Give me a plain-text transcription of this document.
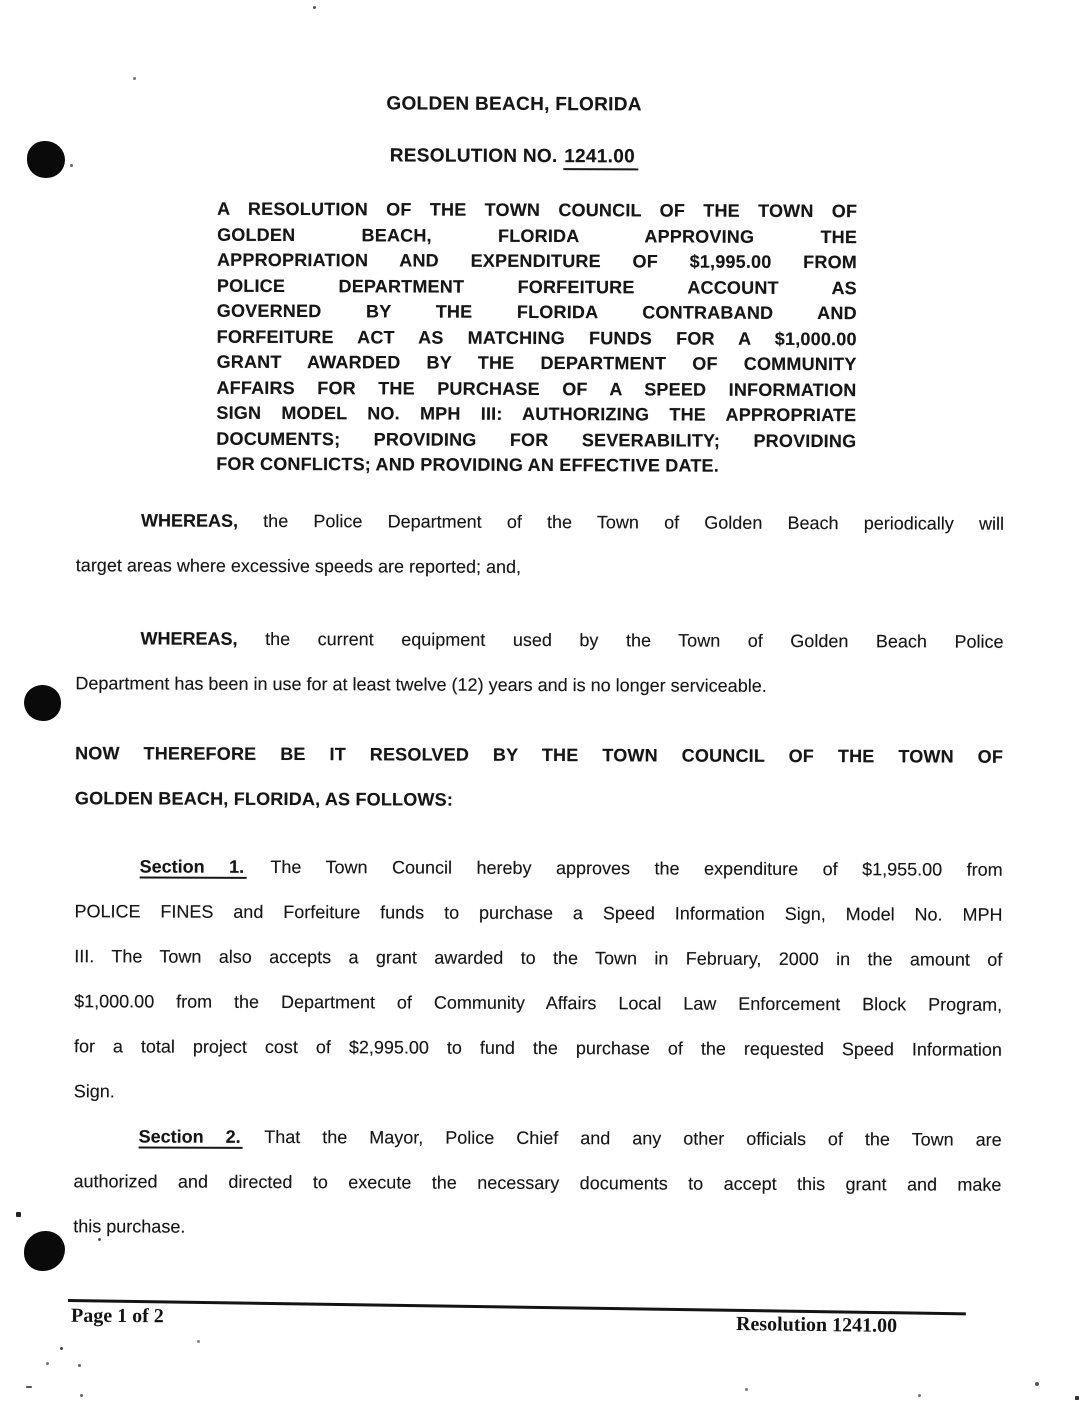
GOLDEN BEACH, FLORIDA
RESOLUTION NO. 1241.00
A RESOLUTION OF THE TOWN COUNCIL OF THE TOWN OF
GOLDEN BEACH, FLORIDA APPROVING THE
APPROPRIATION AND EXPENDITURE OF $1,995.00 FROM
POLICE DEPARTMENT FORFEITURE ACCOUNT AS
GOVERNED BY THE FLORIDA CONTRABAND AND
FORFEITURE ACT AS MATCHING FUNDS FOR A $1,000.00
GRANT AWARDED BY THE DEPARTMENT OF COMMUNITY
AFFAIRS FOR THE PURCHASE OF A SPEED INFORMATION
SIGN MODEL NO. MPH III: AUTHORIZING THE APPROPRIATE
DOCUMENTS; PROVIDING FOR SEVERABILITY; PROVIDING
FOR CONFLICTS; AND PROVIDING AN EFFECTIVE DATE.
WHEREAS, the Police Department of the Town of Golden Beach periodically will
target areas where excessive speeds are reported; and,
WHEREAS, the current equipment used by the Town of Golden Beach Police
Department has been in use for at least twelve (12) years and is no longer serviceable.
NOW THEREFORE BE IT RESOLVED BY THE TOWN COUNCIL OF THE TOWN OF
GOLDEN BEACH, FLORIDA, AS FOLLOWS:
Section 1. The Town Council hereby approves the expenditure of $1,955.00 from
POLICE FINES and Forfeiture funds to purchase a Speed Information Sign, Model No. MPH
III. The Town also accepts a grant awarded to the Town in February, 2000 in the amount of
$1,000.00 from the Department of Community Affairs Local Law Enforcement Block Program,
for a total project cost of $2,995.00 to fund the purchase of the requested Speed Information
Sign.
Section 2. That the Mayor, Police Chief and any other officials of the Town are
authorized and directed to execute the necessary documents to accept this grant and make
this purchase.
Page 1 of 2	Resolution 1241.00
